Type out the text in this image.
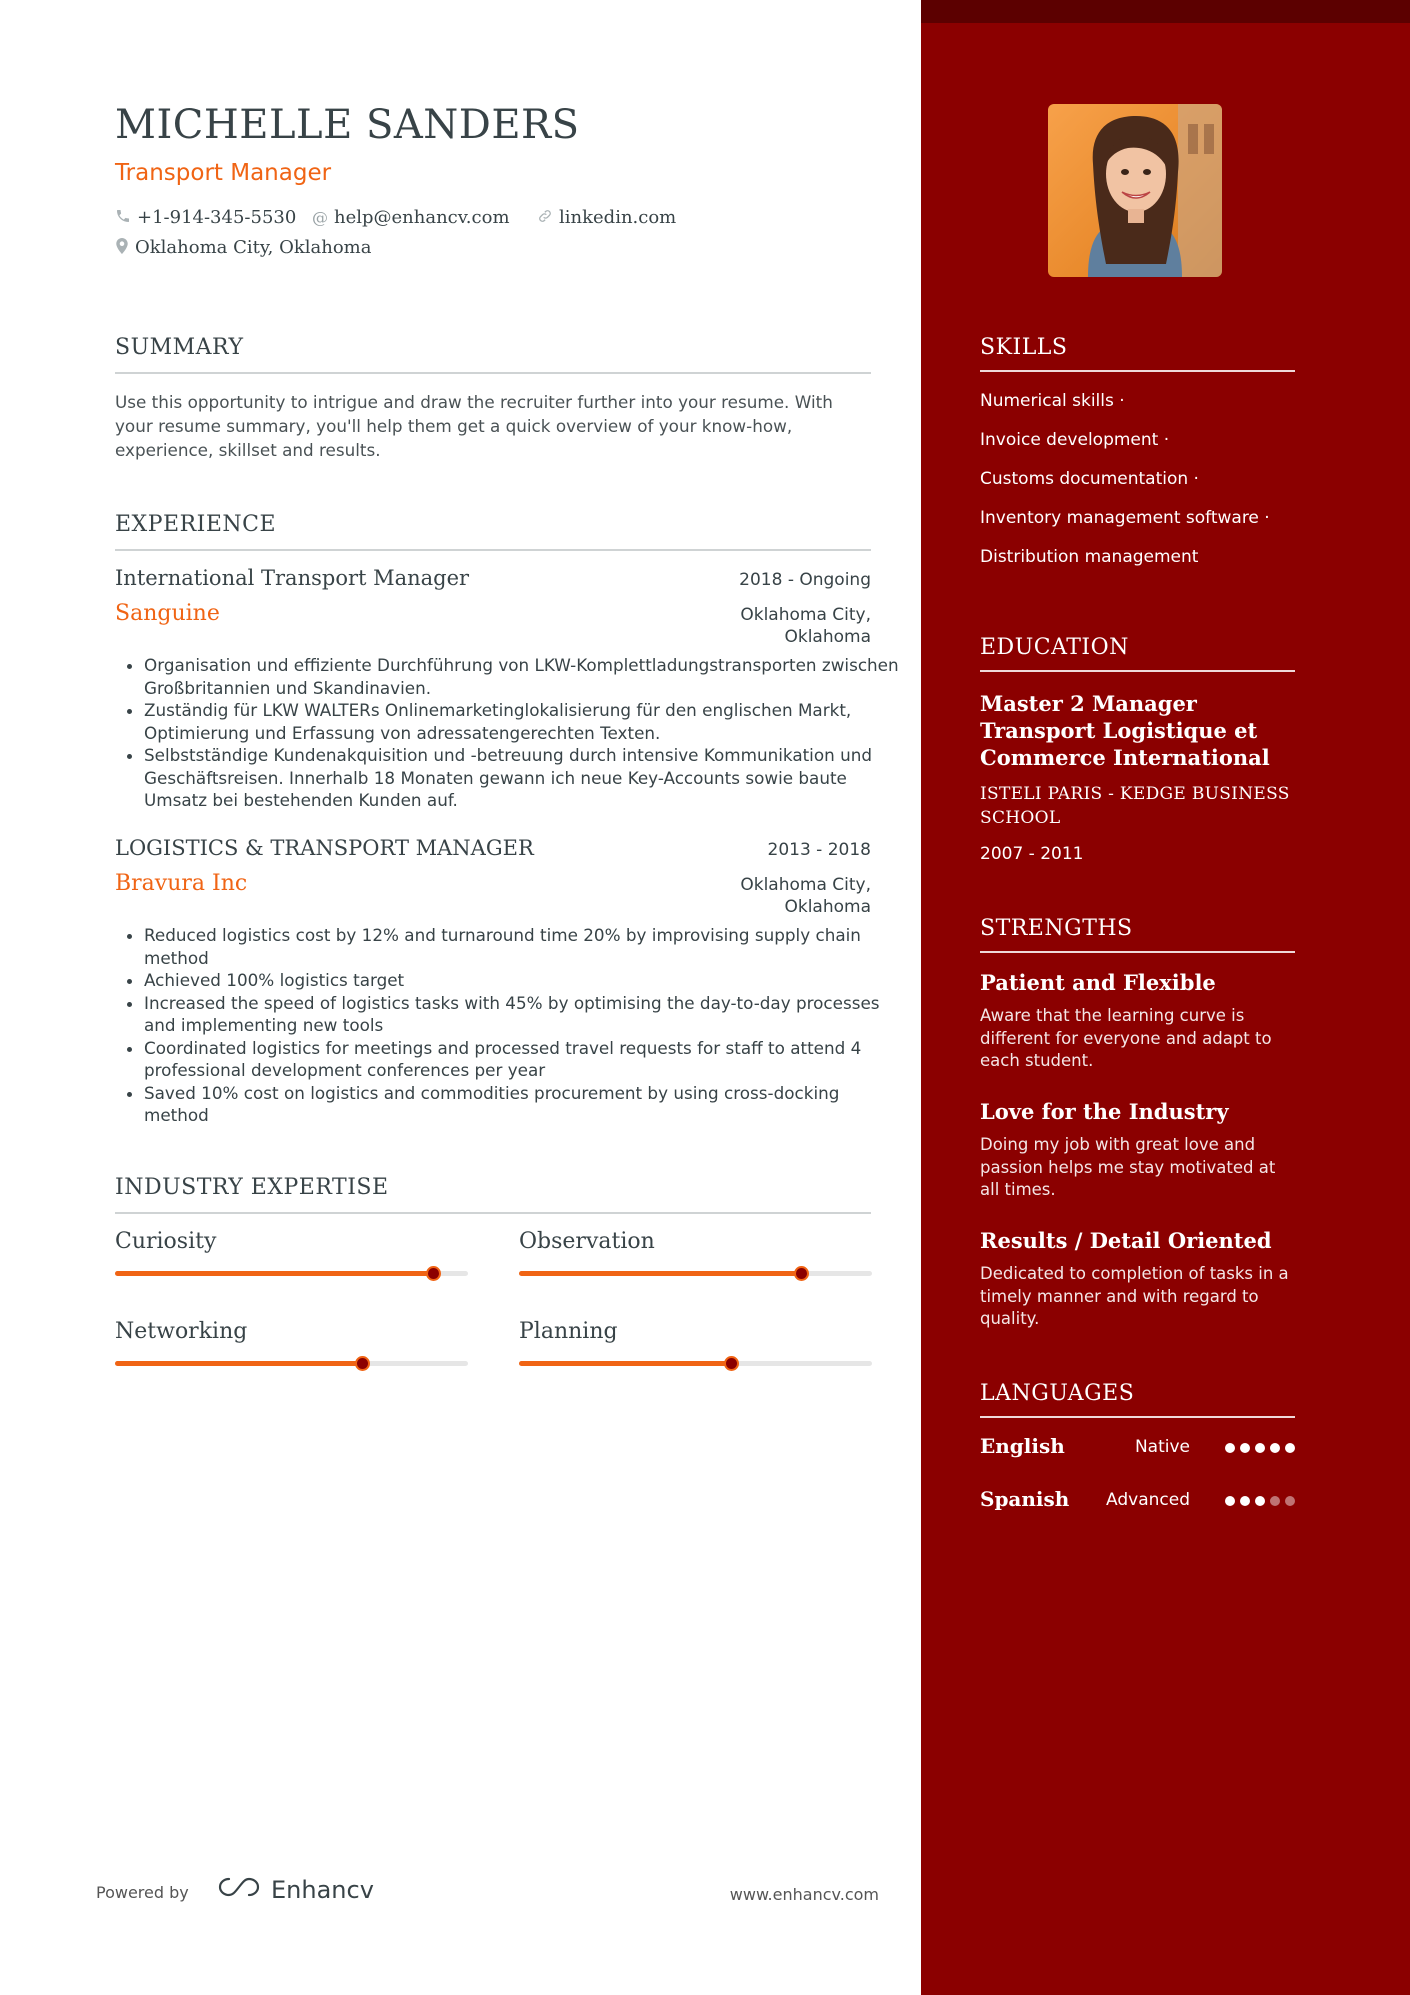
MICHELLE SANDERS
Transport Manager
+1-914-345-5530 @ help@enhancv.com	linkedin.com
Oklahoma City, Oklahoma
SUMMARY
Use this opportunity to intrigue and draw the recruiter further into your resume. With your resume summary, you'll help them get a quick overview of your know-how, experience, skillset and results.
EXPERIENCE
International Transport Manager	2018 - Ongoing
Sanguine	Oklahoma City,
Oklahoma
• Organisation und effiziente Durchführung von LKW-Komplettladungstransporten zwischen Großbritannien und Skandinavien.
• Zuständig für LKW WALTERs Onlinemarketinglokalisierung für den englischen Markt, Optimierung und Erfassung von adressatengerechten Texten.
• Selbstständige Kundenakquisition und -betreuung durch intensive Kommunikation und Geschäftsreisen. Innerhalb 18 Monaten gewann ich neue Key-Accounts sowie baute Umsatz bei bestehenden Kunden auf.
LOGISTICS & TRANSPORT MANAGER	2013 - 2018
Bravura Inc	Oklahoma City,
Oklahoma
• Reduced logistics cost by 12% and turnaround time 20% by improvising supply chain method
• Achieved 100% logistics target
• Increased the speed of logistics tasks with 45% by optimising the day-to-day processes and implementing new tools
• Coordinated logistics for meetings and processed travel requests for staff to attend 4 professional development conferences per year
• Saved 10% cost on logistics and commodities procurement by using cross-docking method
INDUSTRY EXPERTISE
Curiosity	Observation
Networking	Planning
Powered by	Enhancv	www.enhancv.com
SKILLS
Numerical skills ·
Invoice development ·
Customs documentation ·
Inventory management software ·
Distribution management
EDUCATION
Master 2 Manager Transport Logistique et Commerce International
ISTELI PARIS - KEDGE BUSINESS SCHOOL
2007 - 2011
STRENGTHS
Patient and Flexible
Aware that the learning curve is different for everyone and adapt to each student.
Love for the Industry
Doing my job with great love and passion helps me stay motivated at all times.
Results / Detail Oriented
Dedicated to completion of tasks in a timely manner and with regard to quality.
LANGUAGES
English	Native
Spanish Advanced
